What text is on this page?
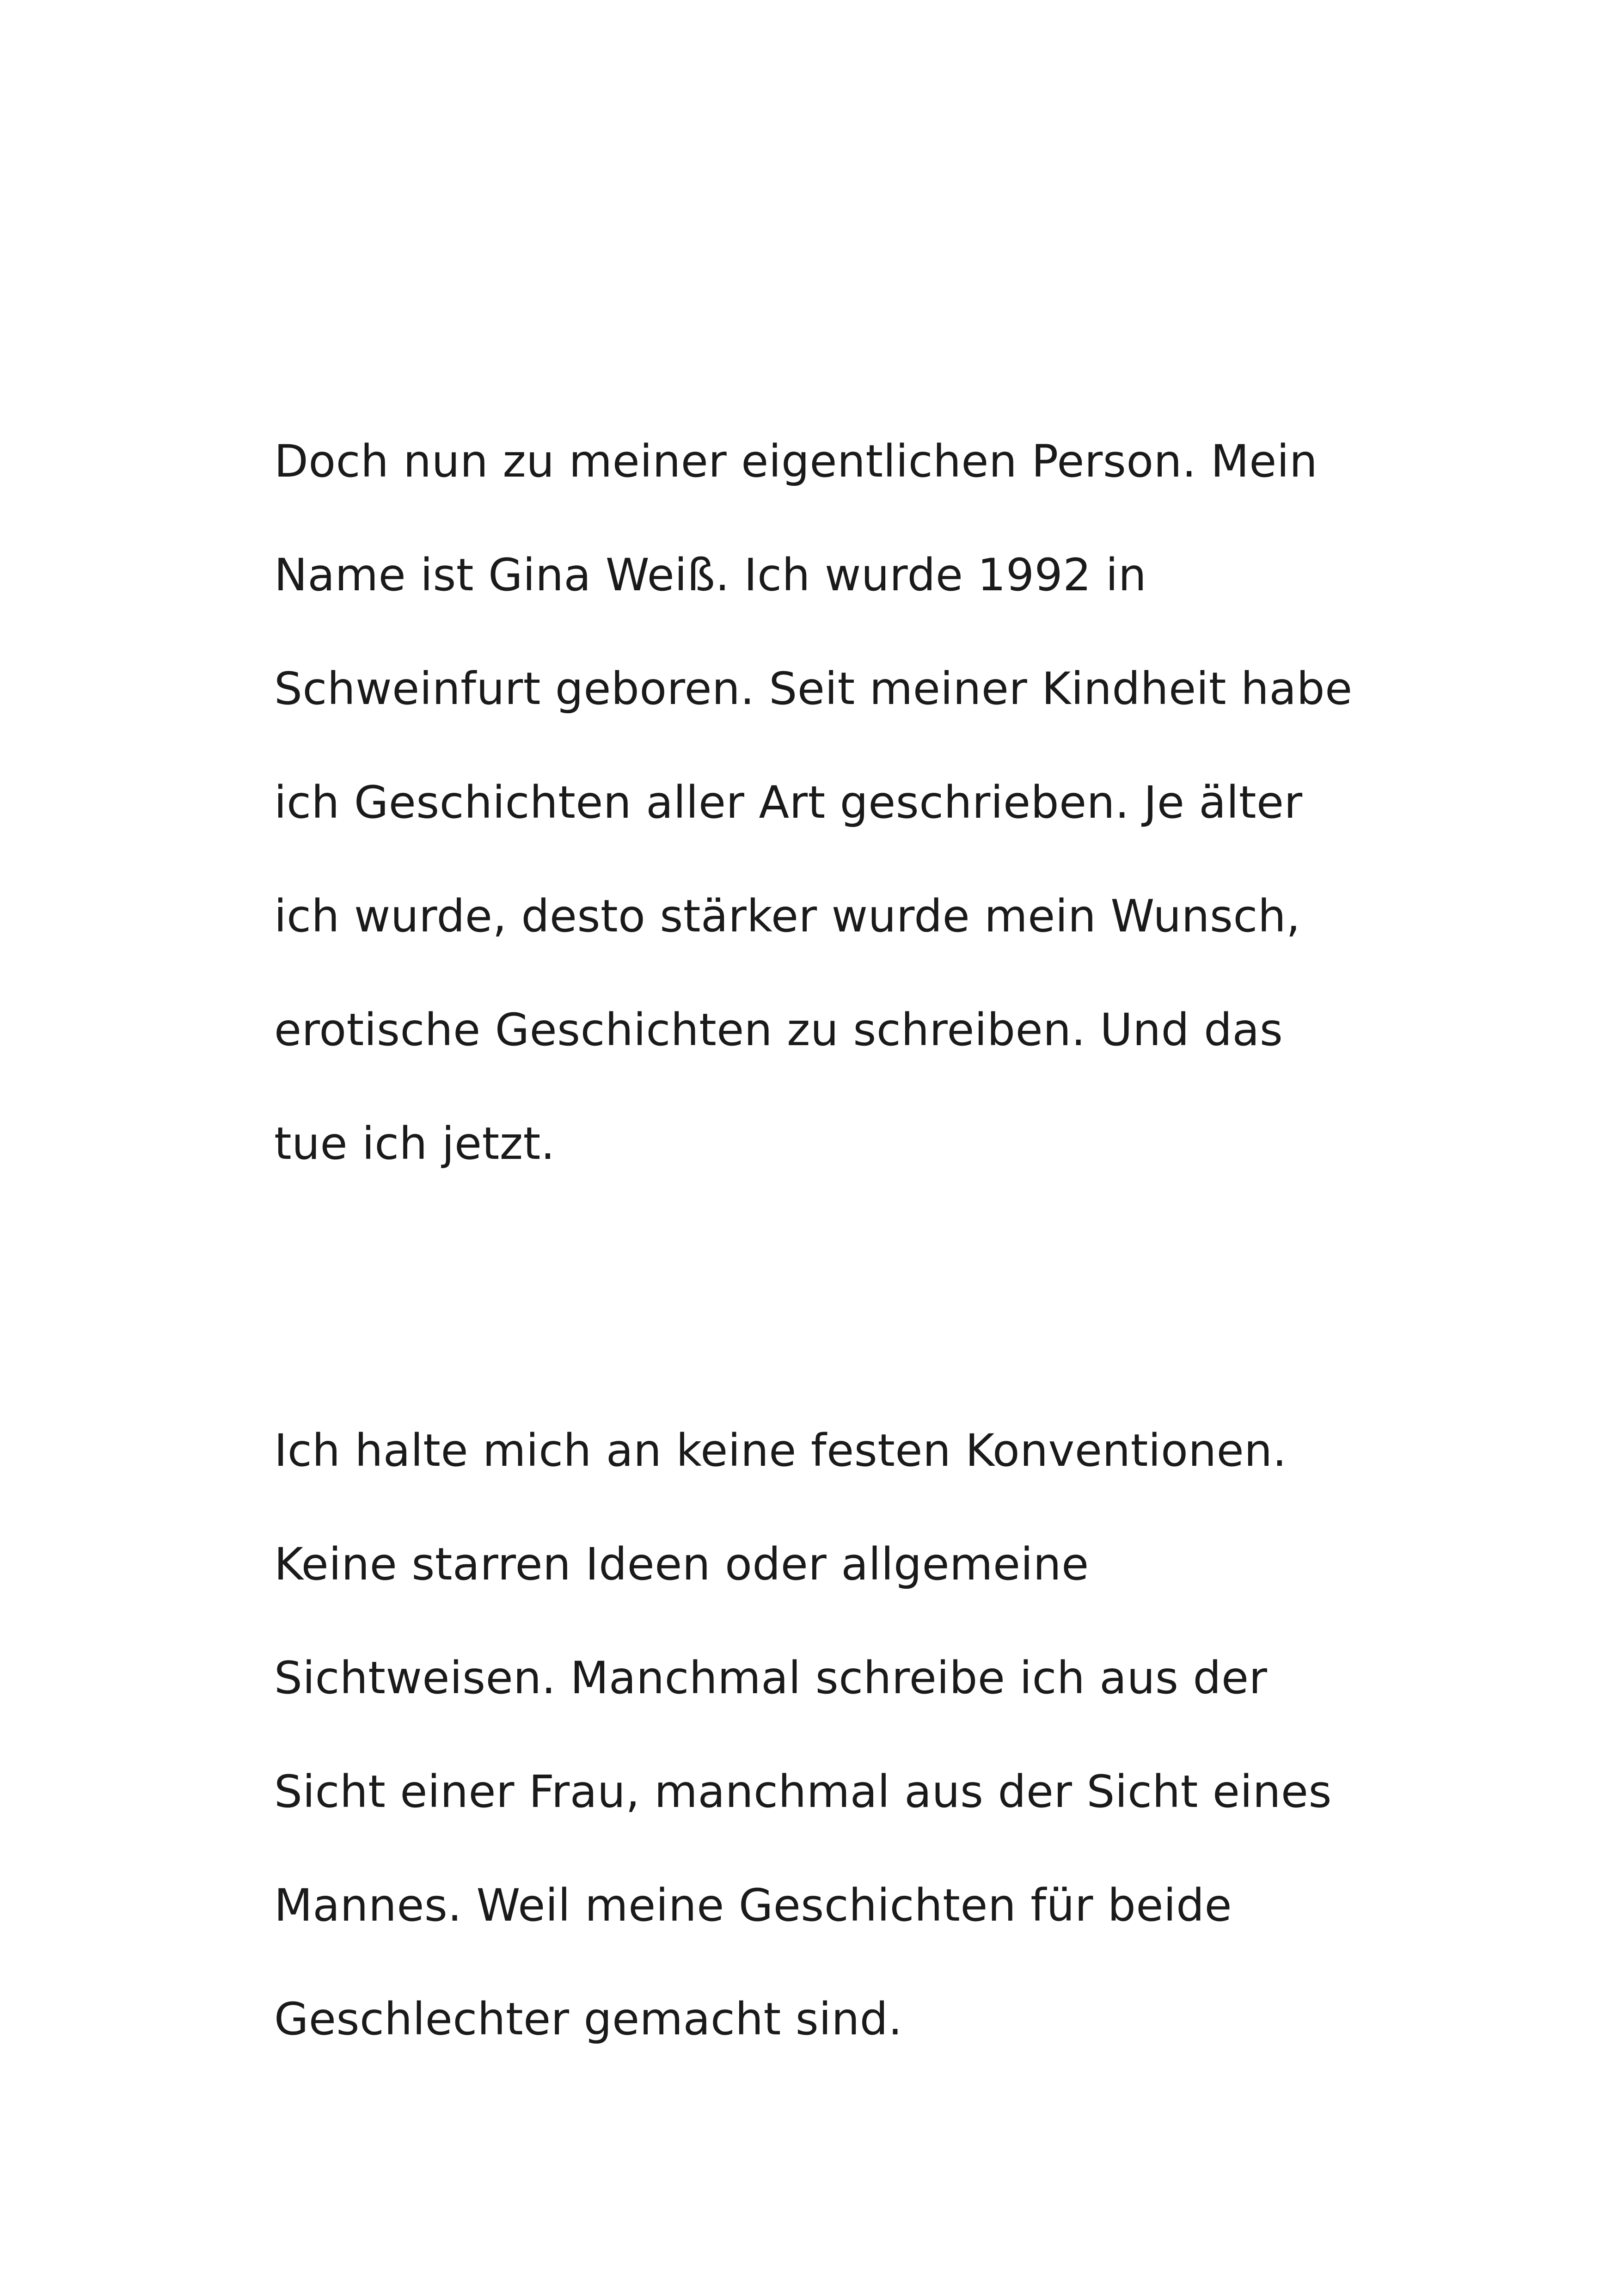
Doch nun zu meiner eigentlichen Person. Mein
Name ist Gina Weiß. Ich wurde 1992 in
Schweinfurt geboren. Seit meiner Kindheit habe
ich Geschichten aller Art geschrieben. Je älter
ich wurde, desto stärker wurde mein Wunsch,
erotische Geschichten zu schreiben. Und das
tue ich jetzt.

Ich halte mich an keine festen Konventionen.
Keine starren Ideen oder allgemeine
Sichtweisen. Manchmal schreibe ich aus der
Sicht einer Frau, manchmal aus der Sicht eines
Mannes. Weil meine Geschichten für beide
Geschlechter gemacht sind.
